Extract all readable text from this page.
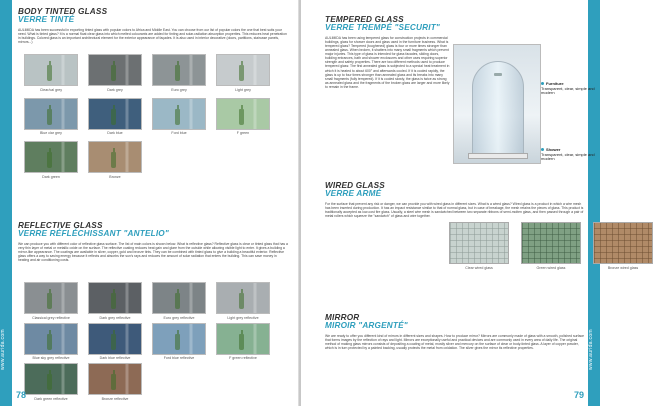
www.aurida.com
BODY TINTED GLASS
VERRE TINTÉ
AULIMIDA has been successful in exporting tinted glass with popular colors to Africa and Middle East. You can choose from our list of popular colors the one that best suits your need. What is tinted glass? It is a normal float clear glass into which melted colourants are added for tinting and solar-radiation absorption properties. This reduces heat penetration in buildings. Colored glass is an important architectural element for the exterior appearance of façades. It is also used in interior decorative (doors, partitions, staircase panels, mirrors...)
Clear/cal grey	Dark grey	Euro grey	Light grey
Blue clar grey	Dark blue	Ford blue	F green
Dark green	Bronze
REFLECTIVE GLASS
VERRE RÉFLÉCHISSANT "ANTELIO"
We can produce you with different color of reflective glass surface. The list of main colors is shown below. What is reflective glass? Reflective glass is clear or tinted glass that has a very thin layer of metal or metallic oxide on the surface. The reflective coating reduces heat gain and glare from the outside while allowing visible light to enter. It gives a building a mirror-like appearance. The coatings are available in silver, copper, gold and bronze tints. They can be combined with tinted glass to give a building a beautiful exterior. Reflective glass offers a way to saving energy because it reflects and absorbs the sun's rays and reduces the amount of solar radiation that enters the building. This can save money in heating and air conditioning costs.
Classical grey reflective	Dark grey reflective	Euro grey reflective	Light grey reflective
Blue sky grey reflective	Dark blue reflective	Ford blue reflective	F green reflective
Dark green reflective	Bronze reflective
78
www.aurida.com
TEMPERED GLASS
VERRE TREMPÉ "SECURIT"
AULIMIDA has been using tempered glass for construction projects in commercial buildings, glass for shower doors and glass used in the furniture business. What is tempered glass? Tempered (toughened) glass is four or more times stronger than annealed glass. When broken, it shatters into many small fragments which prevent major injuries. This type of glass is intended for glass facades, sliding doors, building entrances, bath and shower enclosures and other uses requiring superior strength and safety properties. There are two different methods used to produce tempered glass: The first annealed glass is subjected to a special heat treatment in which it is heated to about 600° and afterwards cooled. If it is cooled rapidly, the glass is up to four times stronger than annealed glass and its breaks into many small fragments (fully tempered). If it is cooled slowly, the glass is twice as strong as annealed glass and the fragments of the broken glass are larger and more likely to remain in the frame.
Furniture
Transparent, clear, simple and modern
Shower
Transparent, clear, simple and modern
WIRED GLASS
VERRE ARMÉ
For the surface that prevent any risk or danger, we can provide you with wired glass in different sizes. What is a wired glass? Wired glass is a product in which a wire mesh has been inserted during production. It has an impact resistance similar to that of normal glass, but in case of breakage, the mesh retains the pieces of glass. This product is traditionally accepted as low-cost fire glass. Usually, a steel wire mesh is sandwiched between two separate ribbons of semi-molten glass, and then passed through a pair of metal rollers which squeeze the "sandwich" of glass and wire together.
Clear wired glass	Green wired glass	Bronze wired glass
MIRROR
MIROIR "ARGENTÉ"
We are ready to offer you different kind of mirrors in different sizes and shapes. How to produce mirror? Mirrors are commonly made of glass with a smooth, polished surface that forms images by the reflection of rays and light. Mirrors are exceptionally useful and practical devices and are commonly used in every area of daily life. The original method of making glass mirrors consists of depositing a coating of metal, mostly silver and mercury on the surface of clear or body-tinted glass. A layer of copper powder, which is in turn protected by a painted backing, usually protects the metal from oxidation. The silver gives the mirror its reflective properties.
79
